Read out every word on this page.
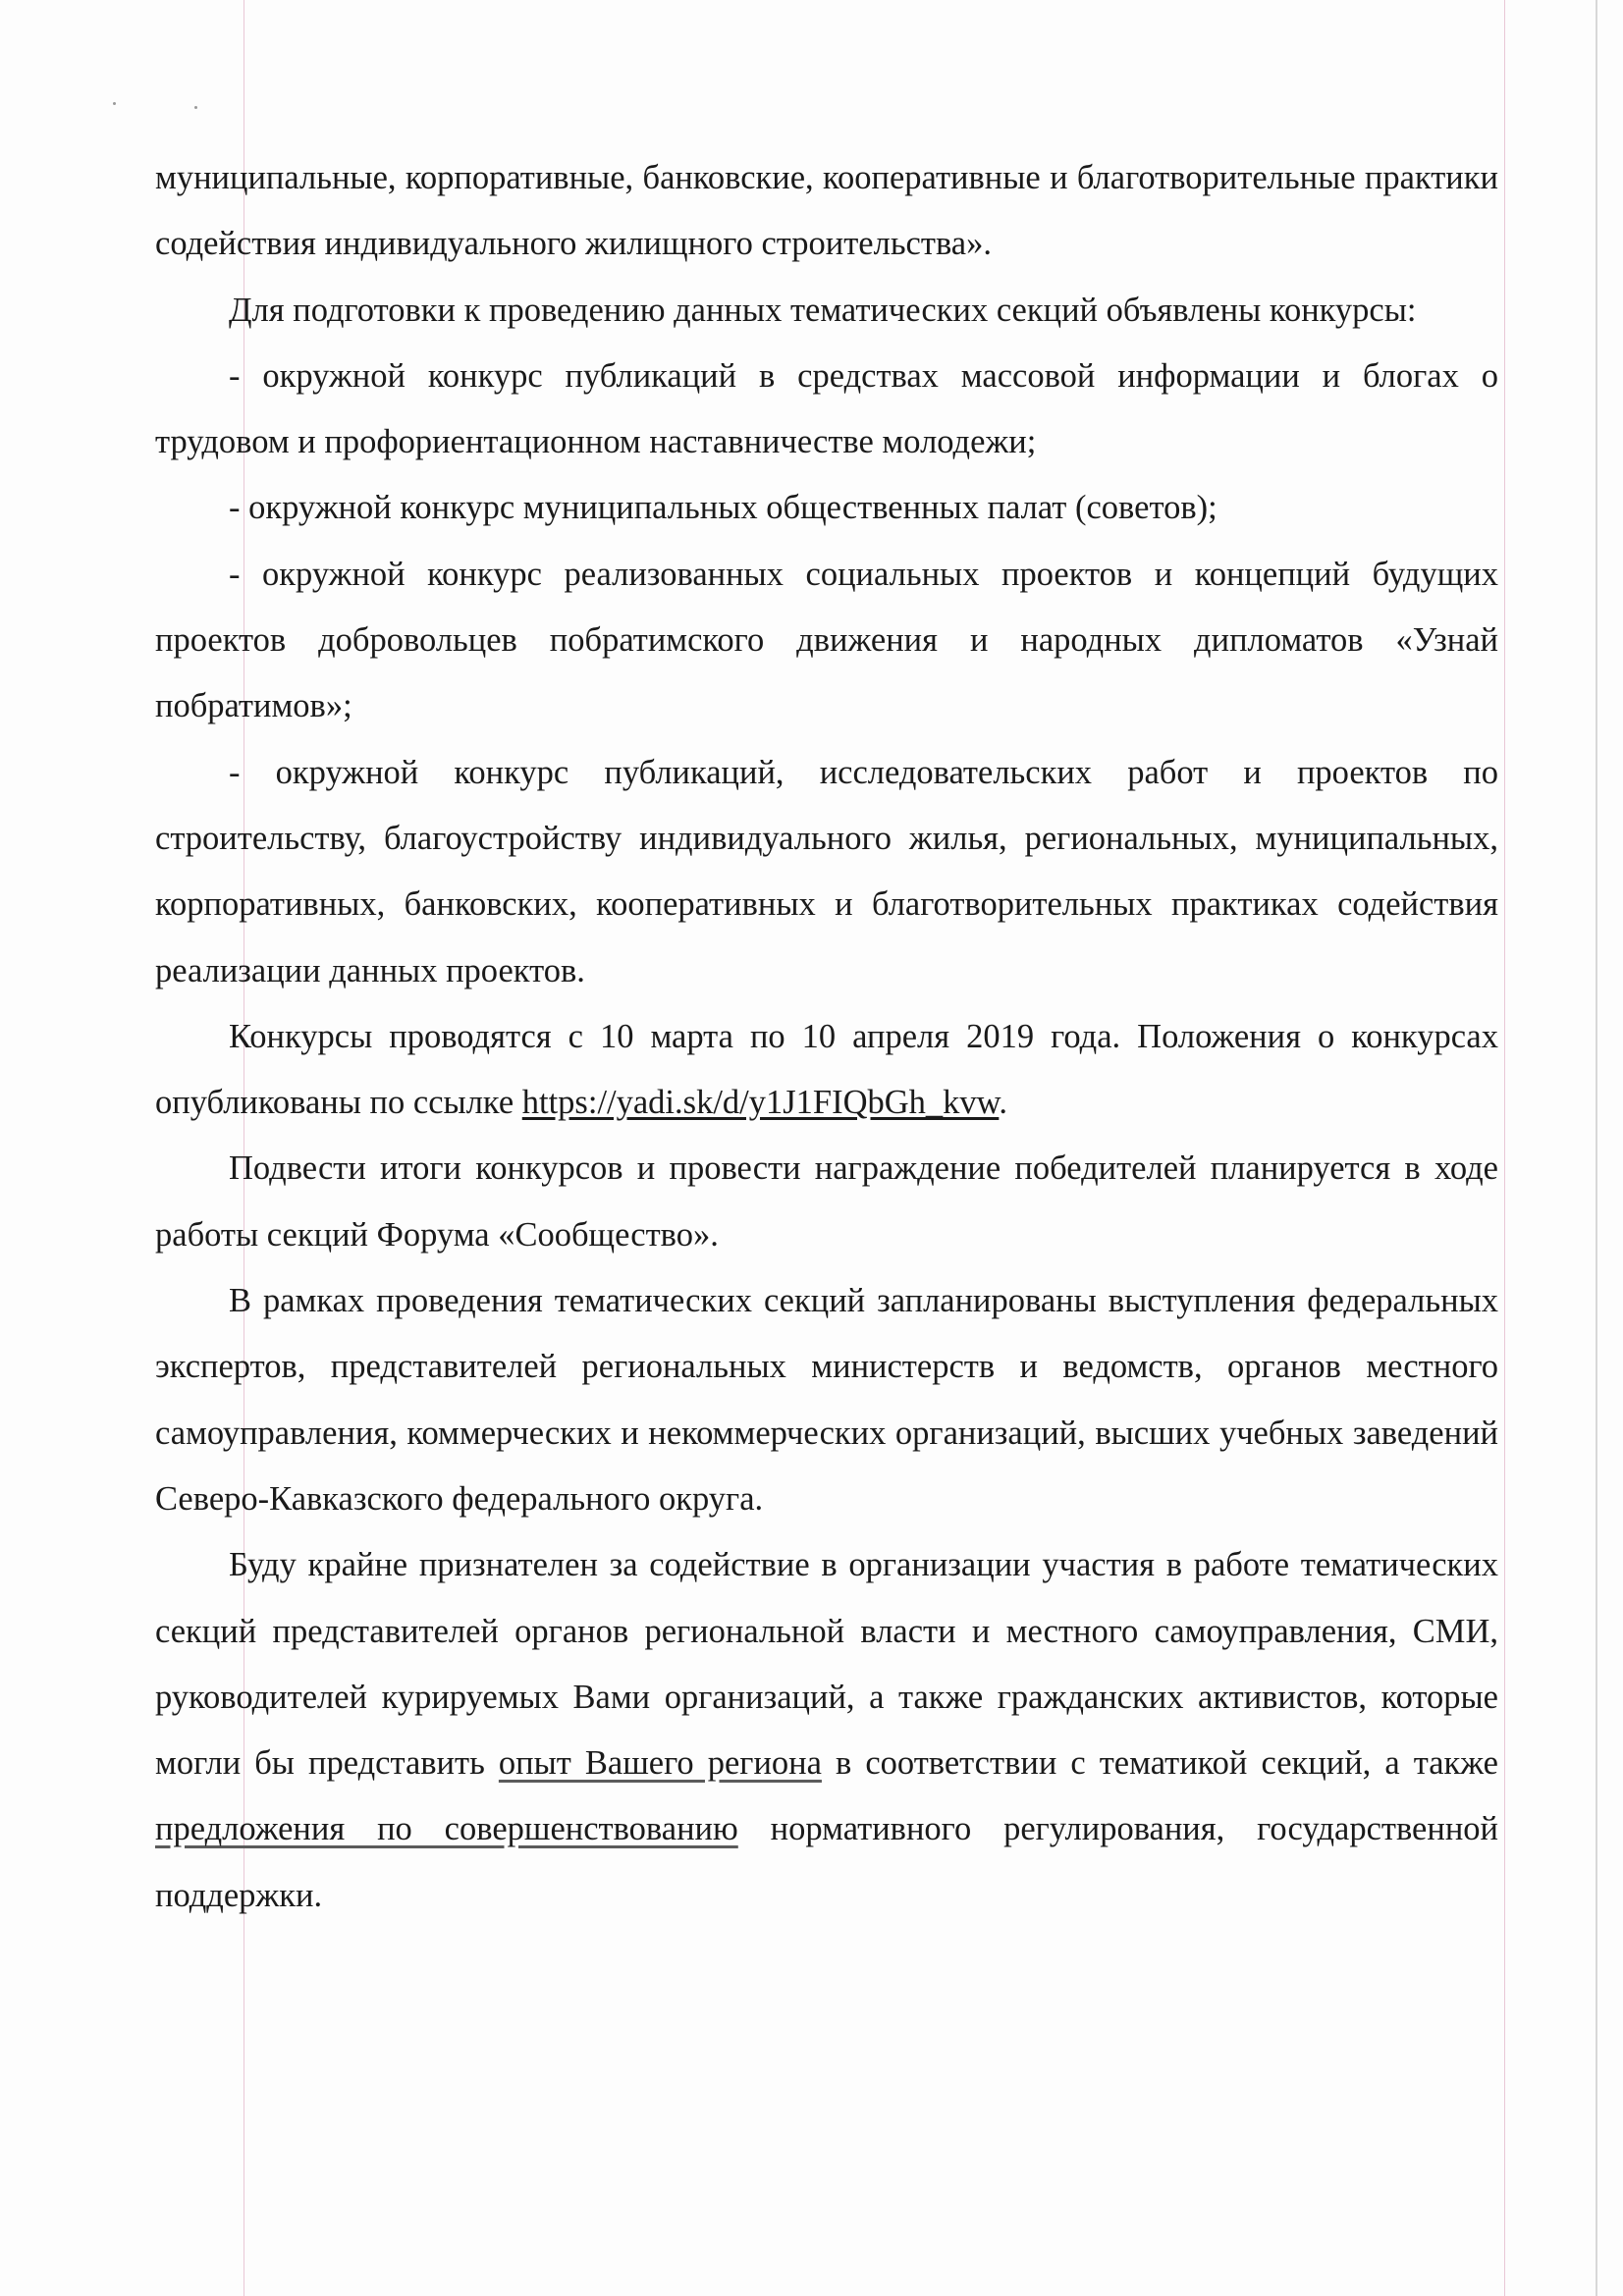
муниципальные, корпоративные, банковские, кооперативные и благотворительные практики содействия индивидуального жилищного строительства».

Для подготовки к проведению данных тематических секций объявлены конкурсы:

- окружной конкурс публикаций в средствах массовой информации и блогах о трудовом и профориентационном наставничестве молодежи;

- окружной конкурс муниципальных общественных палат (советов);

- окружной конкурс реализованных социальных проектов и концепций будущих проектов добровольцев побратимского движения и народных дипломатов «Узнай побратимов»;

- окружной конкурс публикаций, исследовательских работ и проектов по строительству, благоустройству индивидуального жилья, региональных, муниципальных, корпоративных, банковских, кооперативных и благотворительных практиках содействия реализации данных проектов.

Конкурсы проводятся с 10 марта по 10 апреля 2019 года. Положения о конкурсах опубликованы по ссылке https://yadi.sk/d/y1J1FIQbGh_kvw.

Подвести итоги конкурсов и провести награждение победителей планируется в ходе работы секций Форума «Сообщество».

В рамках проведения тематических секций запланированы выступления федеральных экспертов, представителей региональных министерств и ведомств, органов местного самоуправления, коммерческих и некоммерческих организаций, высших учебных заведений Северо-Кавказского федерального округа.

Буду крайне признателен за содействие в организации участия в работе тематических секций представителей органов региональной власти и местного самоуправления, СМИ, руководителей курируемых Вами организаций, а также гражданских активистов, которые могли бы представить опыт Вашего региона в соответствии с тематикой секций, а также предложения по совершенствованию нормативного регулирования, государственной поддержки.
